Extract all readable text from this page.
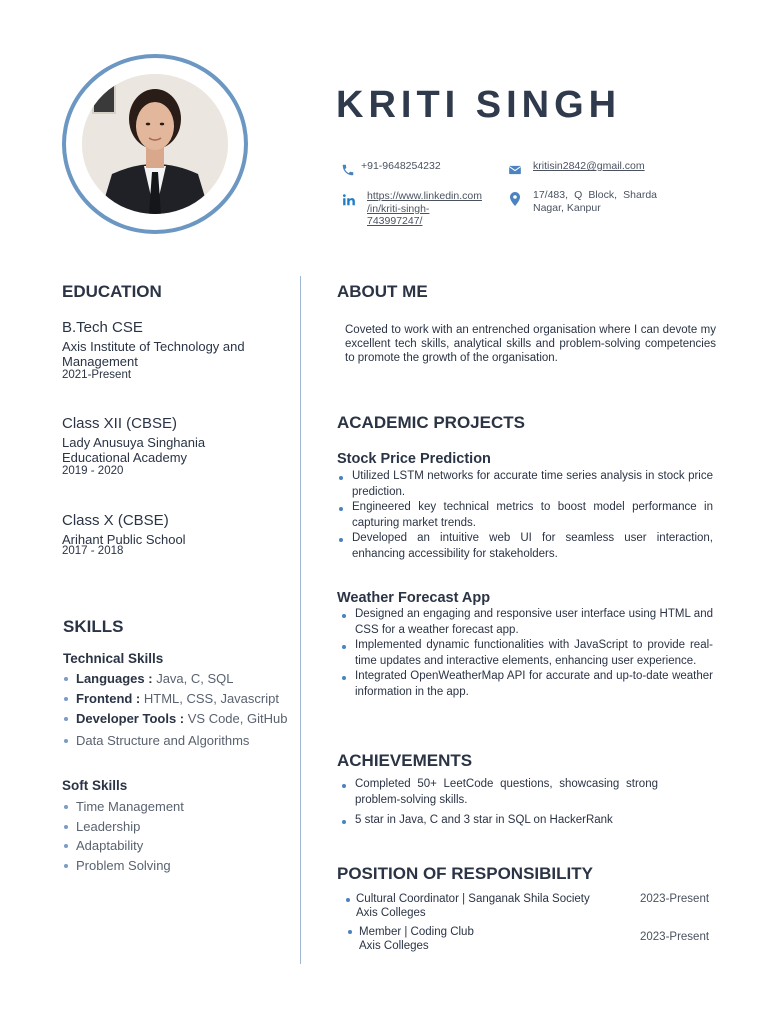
KRITI SINGH
+91-9648254232	kritisin2842@gmail.com
https://www.linkedin.com
/in/kriti-singh-
743997247/
17/483, Q Block, Sharda
Nagar, Kanpur
EDUCATION
B.Tech CSE
Axis Institute of Technology and Management
2021-Present
Class XII (CBSE)
Lady Anusuya Singhania Educational Academy
2019 - 2020
Class X (CBSE)
Arihant Public School
2017 - 2018
SKILLS
Technical Skills
Languages : Java, C, SQL
Frontend : HTML, CSS, Javascript
Developer Tools : VS Code, GitHub
Data Structure and Algorithms
Soft Skills
Time Management
Leadership
Adaptability
Problem Solving
ABOUT ME
Coveted to work with an entrenched organisation where I can devote my excellent tech skills, analytical skills and problem-solving competencies to promote the growth of the organisation.
ACADEMIC PROJECTS
Stock Price Prediction
Utilized LSTM networks for accurate time series analysis in stock price prediction.
Engineered key technical metrics to boost model performance in capturing market trends.
Developed an intuitive web UI for seamless user interaction, enhancing accessibility for stakeholders.
Weather Forecast App
Designed an engaging and responsive user interface using HTML and CSS for a weather forecast app.
Implemented dynamic functionalities with JavaScript to provide real-time updates and interactive elements, enhancing user experience.
Integrated OpenWeatherMap API for accurate and up-to-date weather information in the app.
ACHIEVEMENTS
Completed 50+ LeetCode questions, showcasing strong problem-solving skills.
5 star in Java, C and 3 star in SQL on HackerRank
POSITION OF RESPONSIBILITY
Cultural Coordinator | Sanganak Shila Society
Axis Colleges
2023-Present
Member | Coding Club
Axis Colleges
2023-Present
